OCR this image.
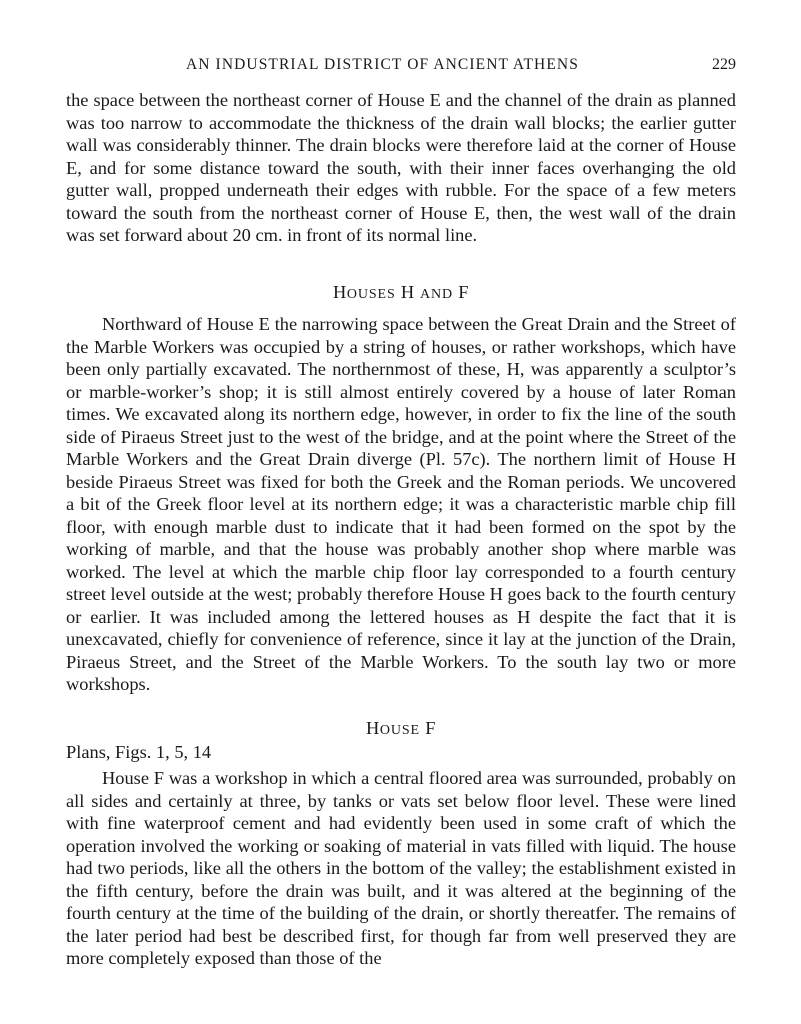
AN INDUSTRIAL DISTRICT OF ANCIENT ATHENS	229

the space between the northeast corner of House E and the channel of the drain as planned was too narrow to accommodate the thickness of the drain wall blocks; the earlier gutter wall was considerably thinner. The drain blocks were therefore laid at the corner of House E, and for some distance toward the south, with their inner faces overhanging the old gutter wall, propped underneath their edges with rubble. For the space of a few meters toward the south from the northeast corner of House E, then, the west wall of the drain was set forward about 20 cm. in front of its normal line.

HOUSES H AND F

Northward of House E the narrowing space between the Great Drain and the Street of the Marble Workers was occupied by a string of houses, or rather workshops, which have been only partially excavated. The northernmost of these, H, was apparently a sculptor’s or marble-worker’s shop; it is still almost entirely covered by a house of later Roman times. We excavated along its northern edge, however, in order to fix the line of the south side of Piraeus Street just to the west of the bridge, and at the point where the Street of the Marble Workers and the Great Drain diverge (Pl. 57c). The northern limit of House H beside Piraeus Street was fixed for both the Greek and the Roman periods. We uncovered a bit of the Greek floor level at its northern edge; it was a characteristic marble chip fill floor, with enough marble dust to indicate that it had been formed on the spot by the working of marble, and that the house was probably another shop where marble was worked. The level at which the marble chip floor lay corresponded to a fourth century street level outside at the west; probably therefore House H goes back to the fourth century or earlier. It was included among the lettered houses as H despite the fact that it is unexcavated, chiefly for convenience of reference, since it lay at the junction of the Drain, Piraeus Street, and the Street of the Marble Workers. To the south lay two or more workshops.

HOUSE F
Plans, Figs. 1, 5, 14

House F was a workshop in which a central floored area was surrounded, probably on all sides and certainly at three, by tanks or vats set below floor level. These were lined with fine waterproof cement and had evidently been used in some craft of which the operation involved the working or soaking of material in vats filled with liquid. The house had two periods, like all the others in the bottom of the valley; the establishment existed in the fifth century, before the drain was built, and it was altered at the beginning of the fourth century at the time of the building of the drain, or shortly thereatfer. The remains of the later period had best be described first, for though far from well preserved they are more completely exposed than those of the
